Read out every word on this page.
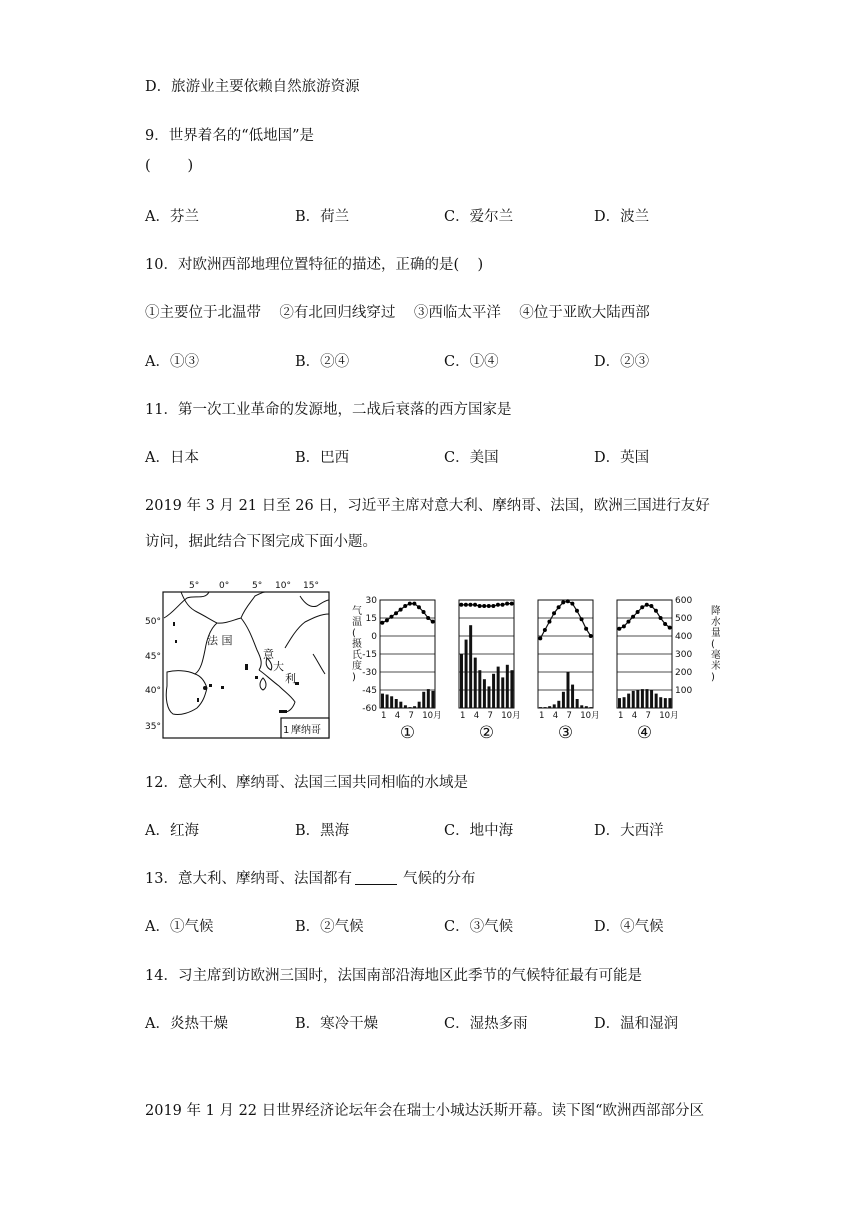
D．旅游业主要依赖自然旅游资源
9．世界着名的“低地国”是
(        )
A．芬兰	B．荷兰	C．爱尔兰	D．波兰
10．对欧洲西部地理位置特征的描述，正确的是(    )
①主要位于北温带    ②有北回归线穿过    ③西临太平洋    ④位于亚欧大陆西部
A．①③	B．②④	C．①④	D．②③
11．第一次工业革命的发源地，二战后衰落的西方国家是
A．日本	B．巴西	C．美国	D．英国
2019 年 3 月 21 日至 26 日，习近平主席对意大利、摩纳哥、法国，欧洲三国进行友好
访问，据此结合下图完成下面小题。
5° 0°	5° 10° 15°
50°
45°
40°
35°
法 国
意
大
利
1 摩纳哥
气
温
(
摄
氏
度
)
30
15
0
-15
-30
-45
-60
降
水
量
(
毫
米
)
600
500
400
300
200
100
1 4 7 10月
①
1 4 7 10月
②
1 4 7 10月
③
1 4 7 10月
④
12．意大利、摩纳哥、法国三国共同相临的水域是
A．红海	B．黑海	C．地中海	D．大西洋
13．意大利、摩纳哥、法国都有	气候的分布
A．①气候	B．②气候	C．③气候	D．④气候
14．习主席到访欧洲三国时，法国南部沿海地区此季节的气候特征最有可能是
A．炎热干燥	B．寒冷干燥	C．湿热多雨	D．温和湿润
2019 年 1 月 22 日世界经济论坛年会在瑞士小城达沃斯开幕。读下图“欧洲西部部分区
